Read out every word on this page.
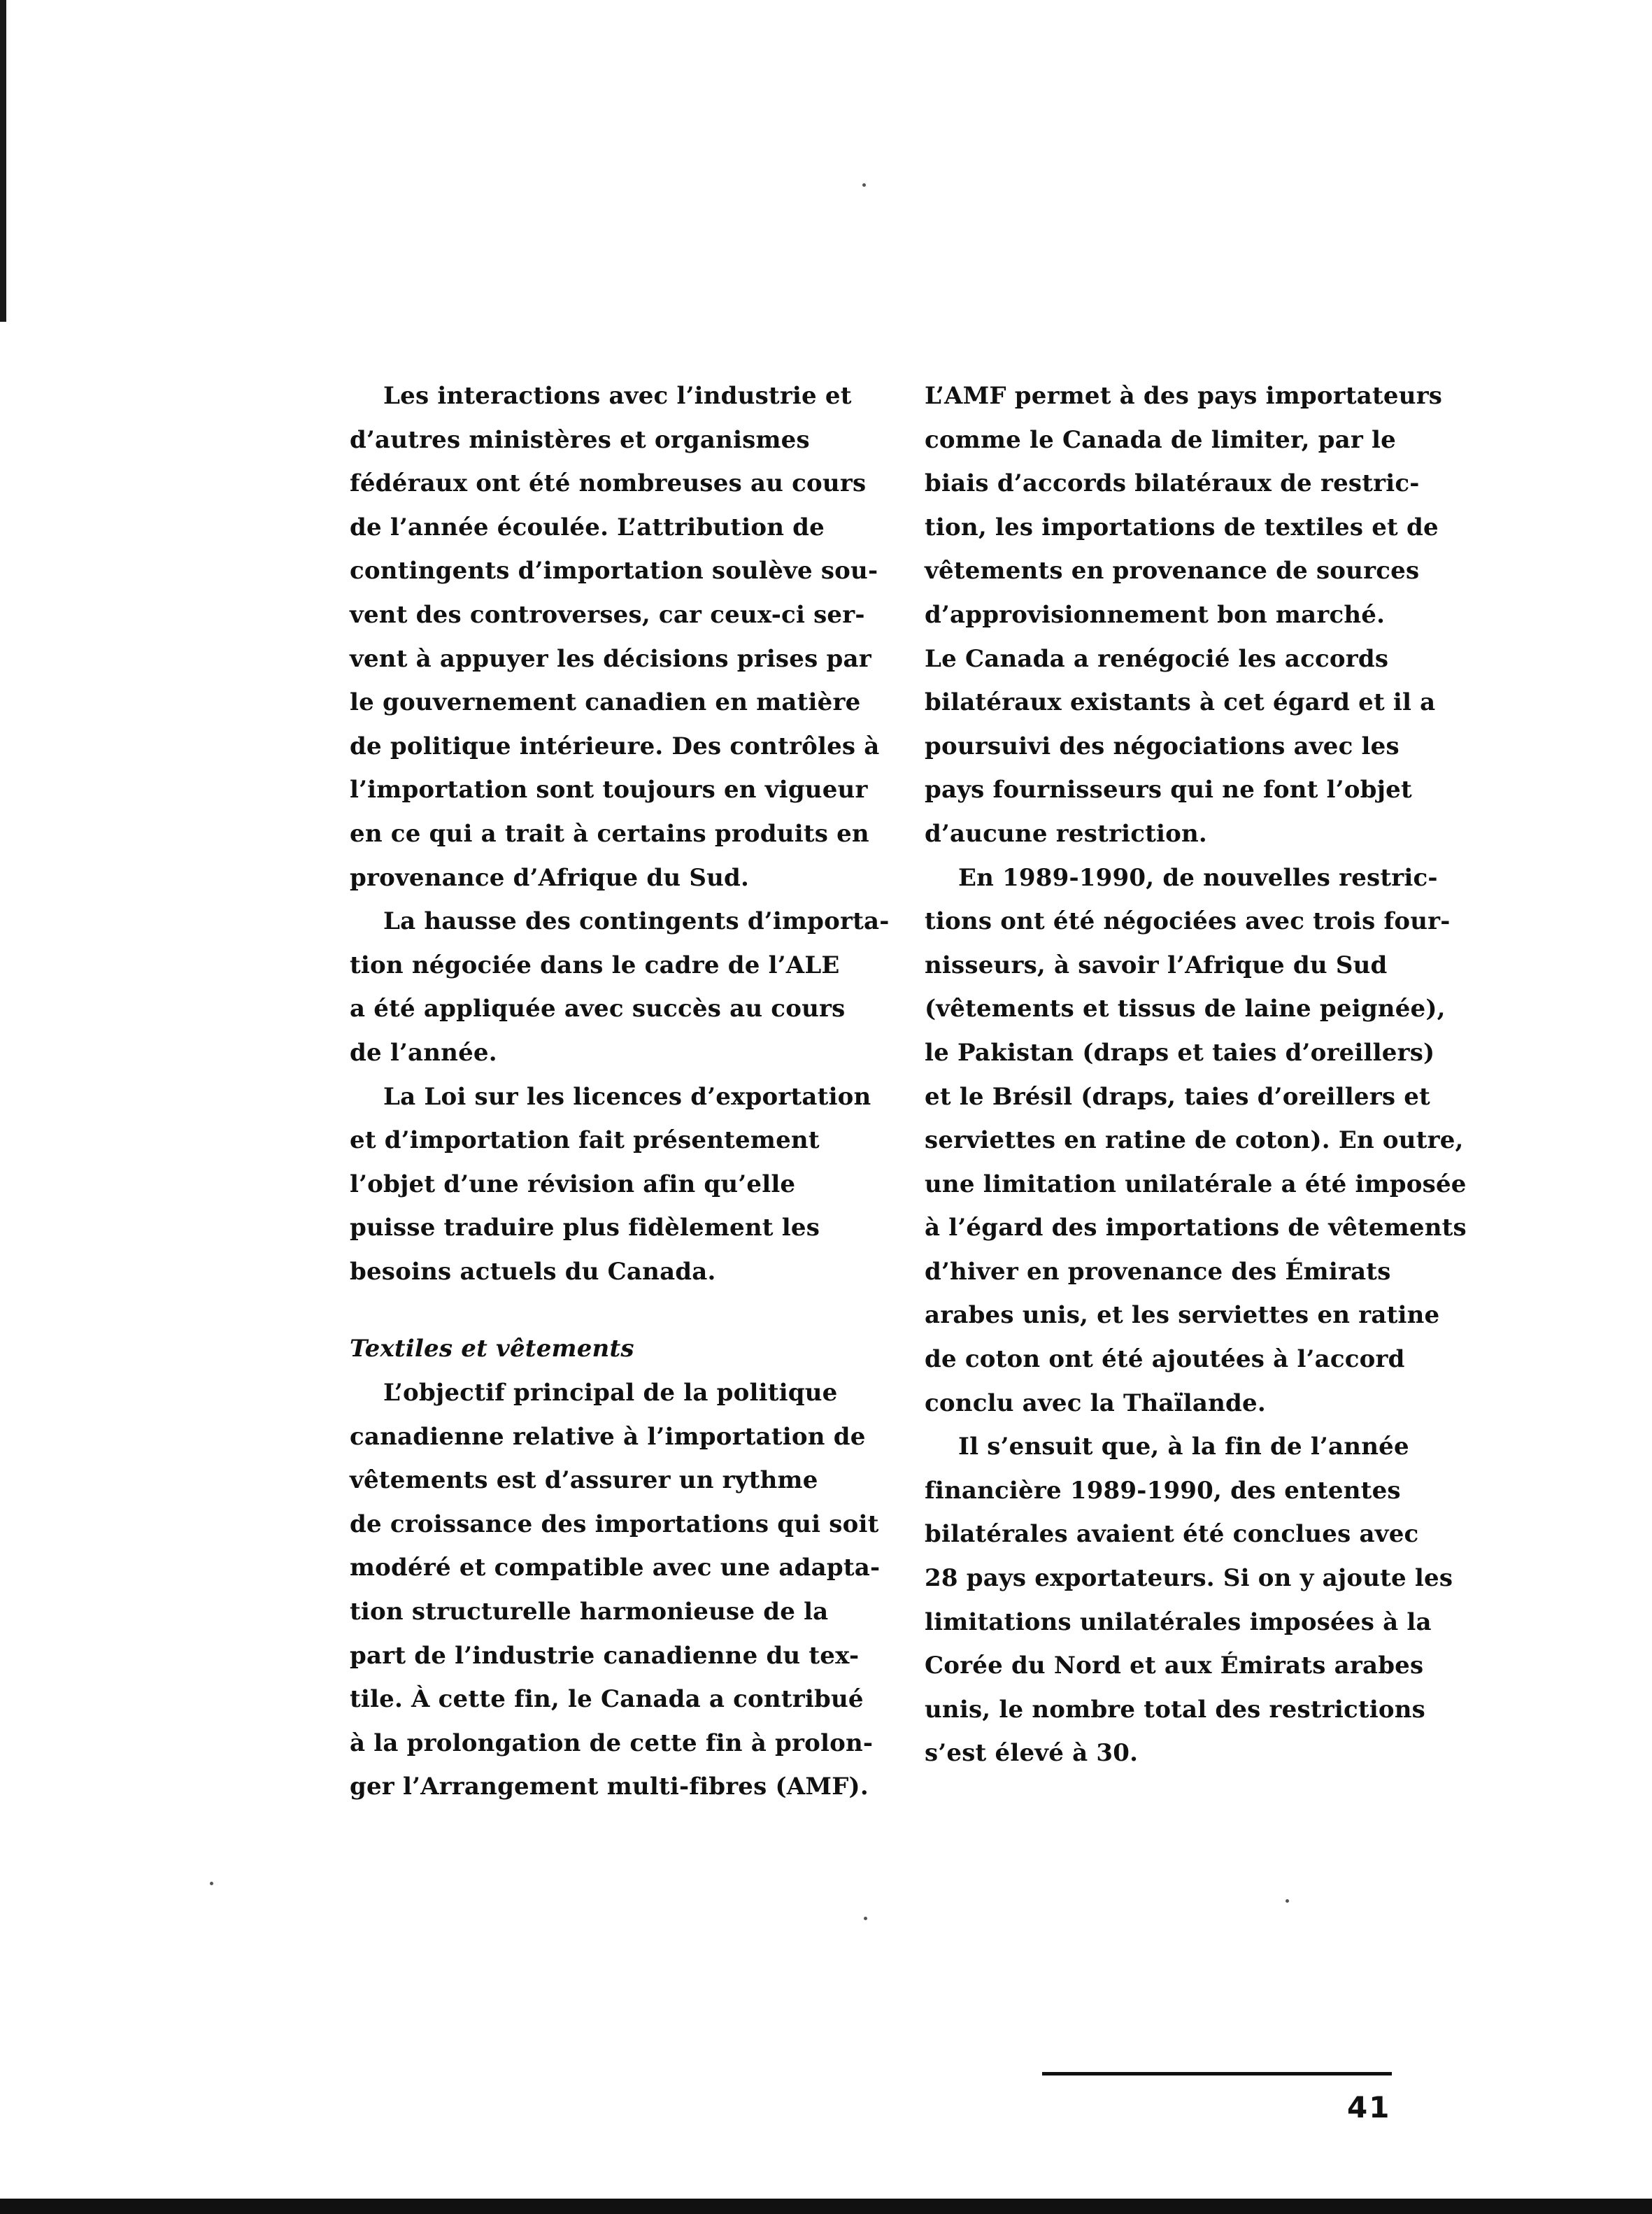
Les interactions avec l’industrie et
d’autres ministères et organismes
fédéraux ont été nombreuses au cours
de l’année écoulée. L’attribution de
contingents d’importation soulève sou-
vent des controverses, car ceux-ci ser-
vent à appuyer les décisions prises par
le gouvernement canadien en matière
de politique intérieure. Des contrôles à
l’importation sont toujours en vigueur
en ce qui a trait à certains produits en
provenance d’Afrique du Sud.
La hausse des contingents d’importa-
tion négociée dans le cadre de l’ALE
a été appliquée avec succès au cours
de l’année.
La Loi sur les licences d’exportation
et d’importation fait présentement
l’objet d’une révision afin qu’elle
puisse traduire plus fidèlement les
besoins actuels du Canada.
Textiles et vêtements
L’objectif principal de la politique
canadienne relative à l’importation de
vêtements est d’assurer un rythme
de croissance des importations qui soit
modéré et compatible avec une adapta-
tion structurelle harmonieuse de la
part de l’industrie canadienne du tex-
tile. À cette fin, le Canada a contribué
à la prolongation de cette fin à prolon-
ger l’Arrangement multi-fibres (AMF).
L’AMF permet à des pays importateurs
comme le Canada de limiter, par le
biais d’accords bilatéraux de restric-
tion, les importations de textiles et de
vêtements en provenance de sources
d’approvisionnement bon marché.
Le Canada a renégocié les accords
bilatéraux existants à cet égard et il a
poursuivi des négociations avec les
pays fournisseurs qui ne font l’objet
d’aucune restriction.
En 1989-1990, de nouvelles restric-
tions ont été négociées avec trois four-
nisseurs, à savoir l’Afrique du Sud
(vêtements et tissus de laine peignée),
le Pakistan (draps et taies d’oreillers)
et le Brésil (draps, taies d’oreillers et
serviettes en ratine de coton). En outre,
une limitation unilatérale a été imposée
à l’égard des importations de vêtements
d’hiver en provenance des Émirats
arabes unis, et les serviettes en ratine
de coton ont été ajoutées à l’accord
conclu avec la Thaïlande.
Il s’ensuit que, à la fin de l’année
financière 1989-1990, des ententes
bilatérales avaient été conclues avec
28 pays exportateurs. Si on y ajoute les
limitations unilatérales imposées à la
Corée du Nord et aux Émirats arabes
unis, le nombre total des restrictions
s’est élevé à 30.
41
